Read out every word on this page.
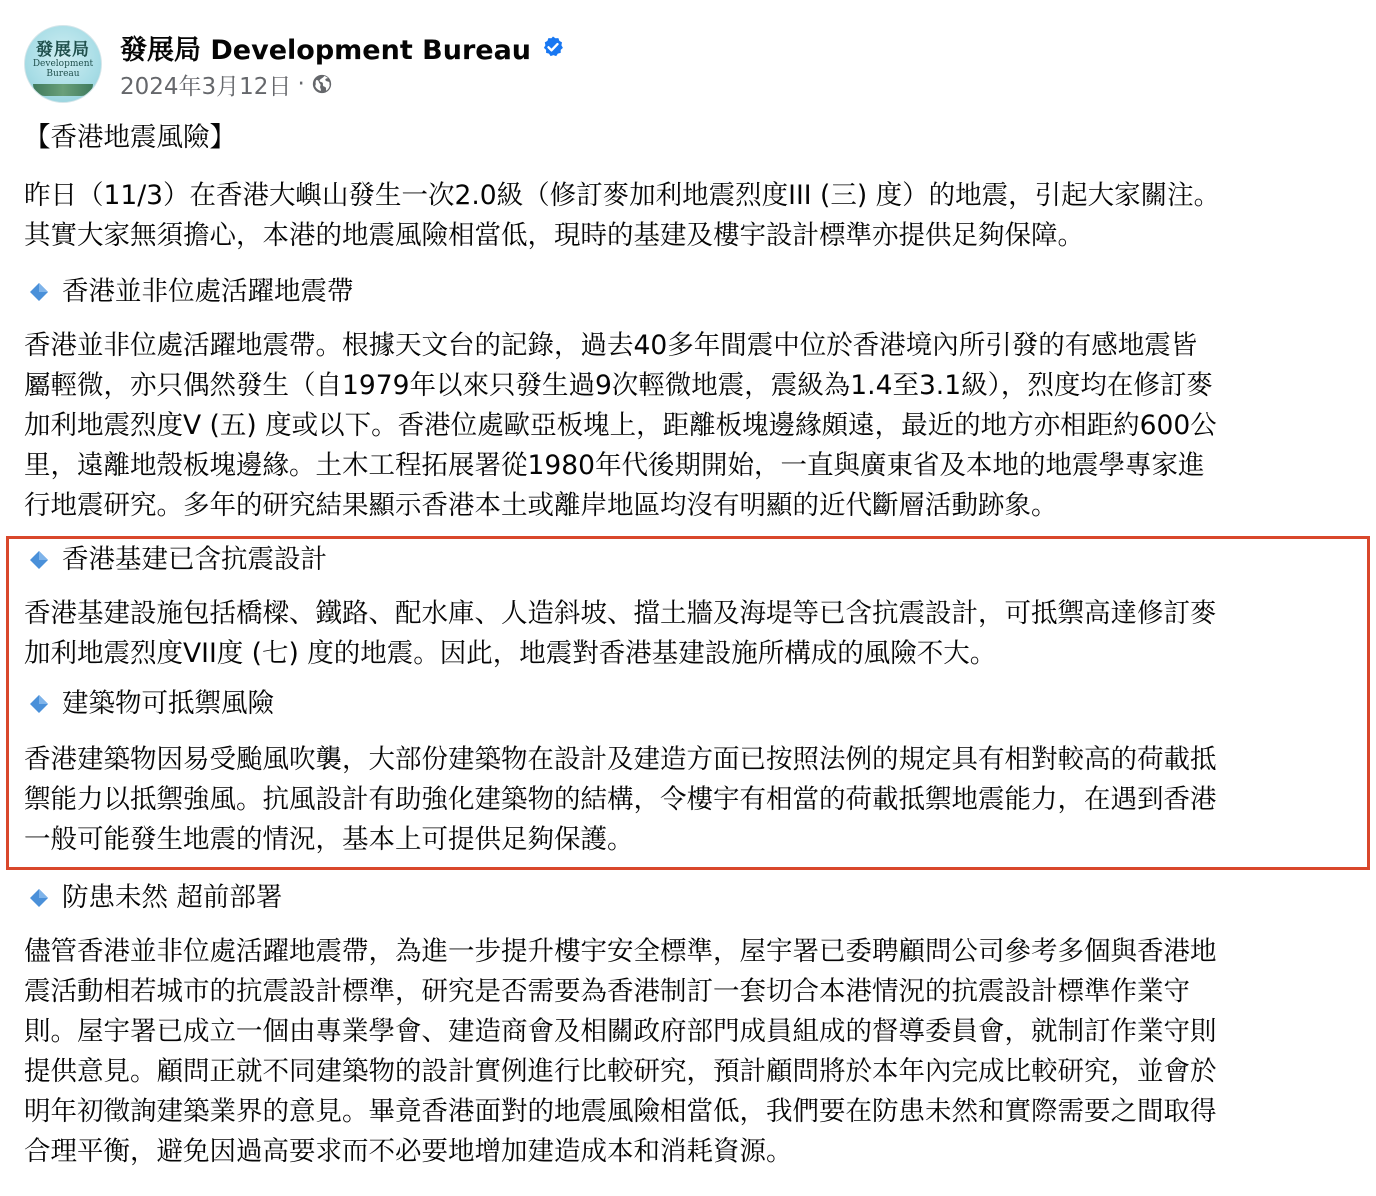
發展局
Development Bureau
發展局 Development Bureau
2024年3月12日 ·
【香港地震風險】
昨日（11/3）在香港大嶼山發生一次2.0級（修訂麥加利地震烈度III (三) 度）的地震，引起大家關注。
其實大家無須擔心，本港的地震風險相當低，現時的基建及樓宇設計標準亦提供足夠保障。
香港並非位處活躍地震帶
香港並非位處活躍地震帶。根據天文台的記錄，過去40多年間震中位於香港境內所引發的有感地震皆
屬輕微，亦只偶然發生（自1979年以來只發生過9次輕微地震，震級為1.4至3.1級），烈度均在修訂麥
加利地震烈度V (五) 度或以下。香港位處歐亞板塊上，距離板塊邊緣頗遠，最近的地方亦相距約600公
里，遠離地殼板塊邊緣。土木工程拓展署從1980年代後期開始，一直與廣東省及本地的地震學專家進
行地震研究。多年的研究結果顯示香港本土或離岸地區均沒有明顯的近代斷層活動跡象。
香港基建已含抗震設計
香港基建設施包括橋樑、鐵路、配水庫、人造斜坡、擋土牆及海堤等已含抗震設計，可抵禦高達修訂麥
加利地震烈度VII度 (七) 度的地震。因此，地震對香港基建設施所構成的風險不大。
建築物可抵禦風險
香港建築物因易受颱風吹襲，大部份建築物在設計及建造方面已按照法例的規定具有相對較高的荷載抵
禦能力以抵禦強風。抗風設計有助強化建築物的結構，令樓宇有相當的荷載抵禦地震能力，在遇到香港
一般可能發生地震的情況，基本上可提供足夠保護。
防患未然 超前部署
儘管香港並非位處活躍地震帶，為進一步提升樓宇安全標準，屋宇署已委聘顧問公司參考多個與香港地
震活動相若城市的抗震設計標準，研究是否需要為香港制訂一套切合本港情況的抗震設計標準作業守
則。屋宇署已成立一個由專業學會、建造商會及相關政府部門成員組成的督導委員會，就制訂作業守則
提供意見。顧問正就不同建築物的設計實例進行比較研究，預計顧問將於本年內完成比較研究，並會於
明年初徵詢建築業界的意見。畢竟香港面對的地震風險相當低，我們要在防患未然和實際需要之間取得
合理平衡，避免因過高要求而不必要地增加建造成本和消耗資源。
